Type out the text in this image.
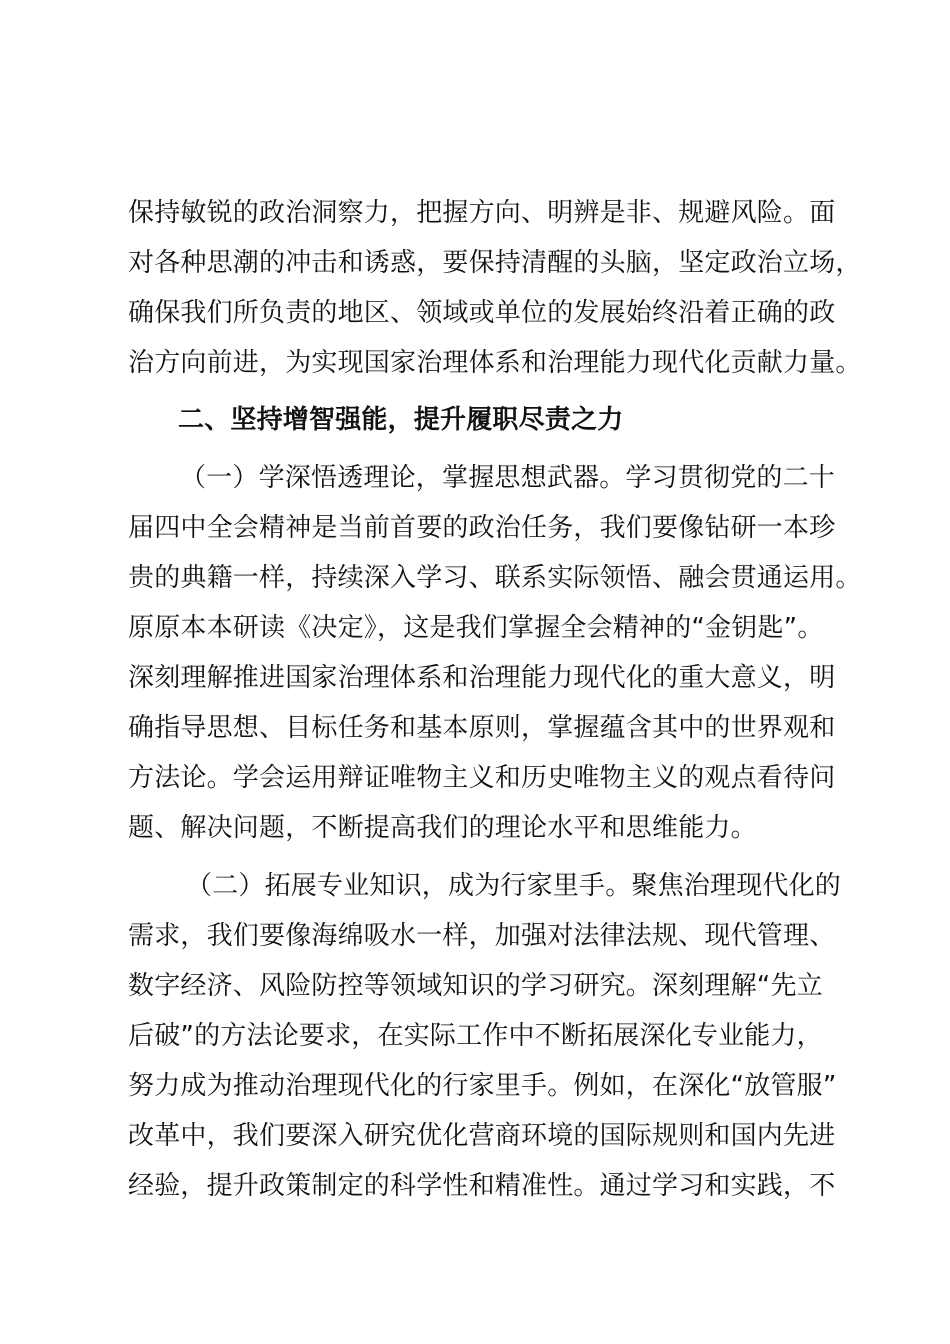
保持敏锐的政治洞察力，把握方向、明辨是非、规避风险。面
对各种思潮的冲击和诱惑，要保持清醒的头脑，坚定政治立场，
确保我们所负责的地区、领域或单位的发展始终沿着正确的政
治方向前进，为实现国家治理体系和治理能力现代化贡献力量。
二、坚持增智强能，提升履职尽责之力
（一）学深悟透理论，掌握思想武器。学习贯彻党的二十
届四中全会精神是当前首要的政治任务，我们要像钻研一本珍
贵的典籍一样，持续深入学习、联系实际领悟、融会贯通运用。
原原本本研读《决定》，这是我们掌握全会精神的“金钥匙”。
深刻理解推进国家治理体系和治理能力现代化的重大意义，明
确指导思想、目标任务和基本原则，掌握蕴含其中的世界观和
方法论。学会运用辩证唯物主义和历史唯物主义的观点看待问
题、解决问题，不断提高我们的理论水平和思维能力。
（二）拓展专业知识，成为行家里手。聚焦治理现代化的
需求，我们要像海绵吸水一样，加强对法律法规、现代管理、
数字经济、风险防控等领域知识的学习研究。深刻理解“先立
后破”的方法论要求，在实际工作中不断拓展深化专业能力，
努力成为推动治理现代化的行家里手。例如，在深化“放管服”
改革中，我们要深入研究优化营商环境的国际规则和国内先进
经验，提升政策制定的科学性和精准性。通过学习和实践，不
